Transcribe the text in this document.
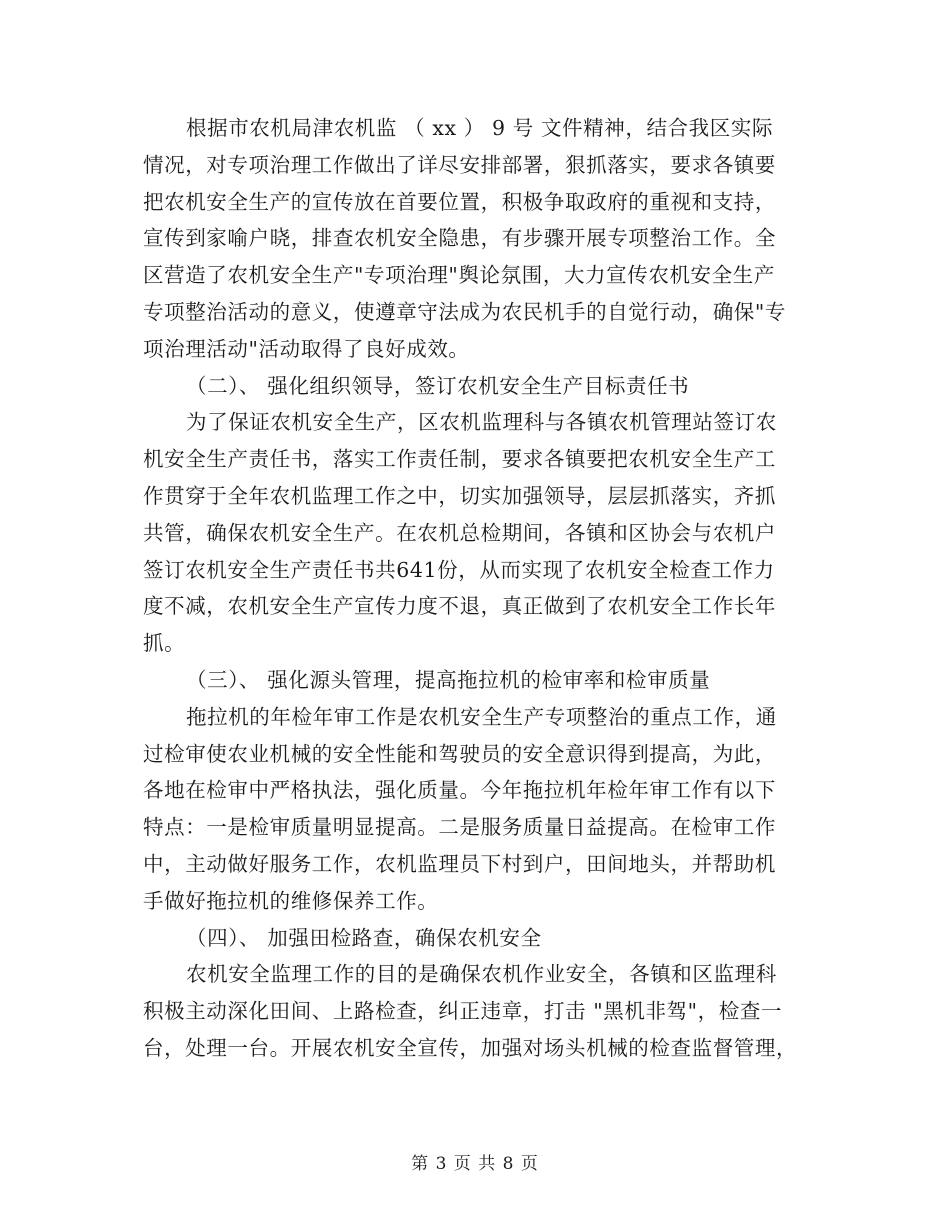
根据市农机局津农机监 （ xx ） 9 号 文件精神，结合我区实际
情况，对专项治理工作做出了详尽安排部署，狠抓落实，要求各镇要
把农机安全生产的宣传放在首要位置，积极争取政府的重视和支持，
宣传到家喻户晓，排查农机安全隐患，有步骤开展专项整治工作。全
区营造了农机安全生产"专项治理"舆论氛围，大力宣传农机安全生产
专项整治活动的意义，使遵章守法成为农民机手的自觉行动，确保"专
项治理活动"活动取得了良好成效。
（二）、 强化组织领导，签订农机安全生产目标责任书
为了保证农机安全生产，区农机监理科与各镇农机管理站签订农
机安全生产责任书，落实工作责任制，要求各镇要把农机安全生产工
作贯穿于全年农机监理工作之中，切实加强领导，层层抓落实，齐抓
共管，确保农机安全生产。在农机总检期间，各镇和区协会与农机户
签订农机安全生产责任书共641份，从而实现了农机安全检查工作力
度不减，农机安全生产宣传力度不退，真正做到了农机安全工作长年
抓。
（三）、 强化源头管理，提高拖拉机的检审率和检审质量
拖拉机的年检年审工作是农机安全生产专项整治的重点工作，通
过检审使农业机械的安全性能和驾驶员的安全意识得到提高，为此，
各地在检审中严格执法，强化质量。今年拖拉机年检年审工作有以下
特点：一是检审质量明显提高。二是服务质量日益提高。在检审工作
中，主动做好服务工作，农机监理员下村到户，田间地头，并帮助机
手做好拖拉机的维修保养工作。
（四）、 加强田检路查，确保农机安全
农机安全监理工作的目的是确保农机作业安全，各镇和区监理科
积极主动深化田间、上路检查，纠正违章，打击 "黑机非驾"，检查一
台，处理一台。开展农机安全宣传，加强对场头机械的检查监督管理，
第 3 页 共 8 页
